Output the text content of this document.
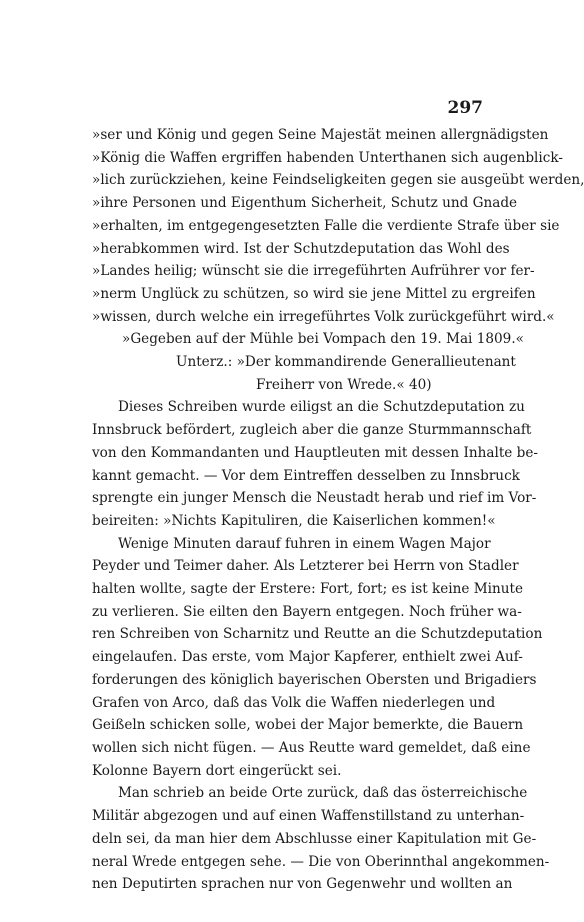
297
»ser und König und gegen Seine Majestät meinen allergnädigsten
»König die Waffen ergriffen habenden Unterthanen sich augenblick-
»lich zurückziehen, keine Feindseligkeiten gegen sie ausgeübt werden,
»ihre Personen und Eigenthum Sicherheit, Schutz und Gnade
»erhalten, im entgegengesetzten Falle die verdiente Strafe über sie
»herabkommen wird. Ist der Schutzdeputation das Wohl des
»Landes heilig; wünscht sie die irregeführten Aufrührer vor fer-
»nerm Unglück zu schützen, so wird sie jene Mittel zu ergreifen
»wissen, durch welche ein irregeführtes Volk zurückgeführt wird.«
»Gegeben auf der Mühle bei Vompach den 19. Mai 1809.«
Unterz.: »Der kommandirende Generallieutenant
Freiherr von Wrede.« 40)
Dieses Schreiben wurde eiligst an die Schutzdeputation zu
Innsbruck befördert, zugleich aber die ganze Sturmmannschaft
von den Kommandanten und Hauptleuten mit dessen Inhalte be-
kannt gemacht. — Vor dem Eintreffen desselben zu Innsbruck
sprengte ein junger Mensch die Neustadt herab und rief im Vor-
beireiten: »Nichts Kapituliren, die Kaiserlichen kommen!«
Wenige Minuten darauf fuhren in einem Wagen Major
Peyder und Teimer daher. Als Letzterer bei Herrn von Stadler
halten wollte, sagte der Erstere: Fort, fort; es ist keine Minute
zu verlieren. Sie eilten den Bayern entgegen. Noch früher wa-
ren Schreiben von Scharnitz und Reutte an die Schutzdeputation
eingelaufen. Das erste, vom Major Kapferer, enthielt zwei Auf-
forderungen des königlich bayerischen Obersten und Brigadiers
Grafen von Arco, daß das Volk die Waffen niederlegen und
Geißeln schicken solle, wobei der Major bemerkte, die Bauern
wollen sich nicht fügen. — Aus Reutte ward gemeldet, daß eine
Kolonne Bayern dort eingerückt sei.
Man schrieb an beide Orte zurück, daß das österreichische
Militär abgezogen und auf einen Waffenstillstand zu unterhan-
deln sei, da man hier dem Abschlusse einer Kapitulation mit Ge-
neral Wrede entgegen sehe. — Die von Oberinnthal angekommen-
nen Deputirten sprachen nur von Gegenwehr und wollten an
